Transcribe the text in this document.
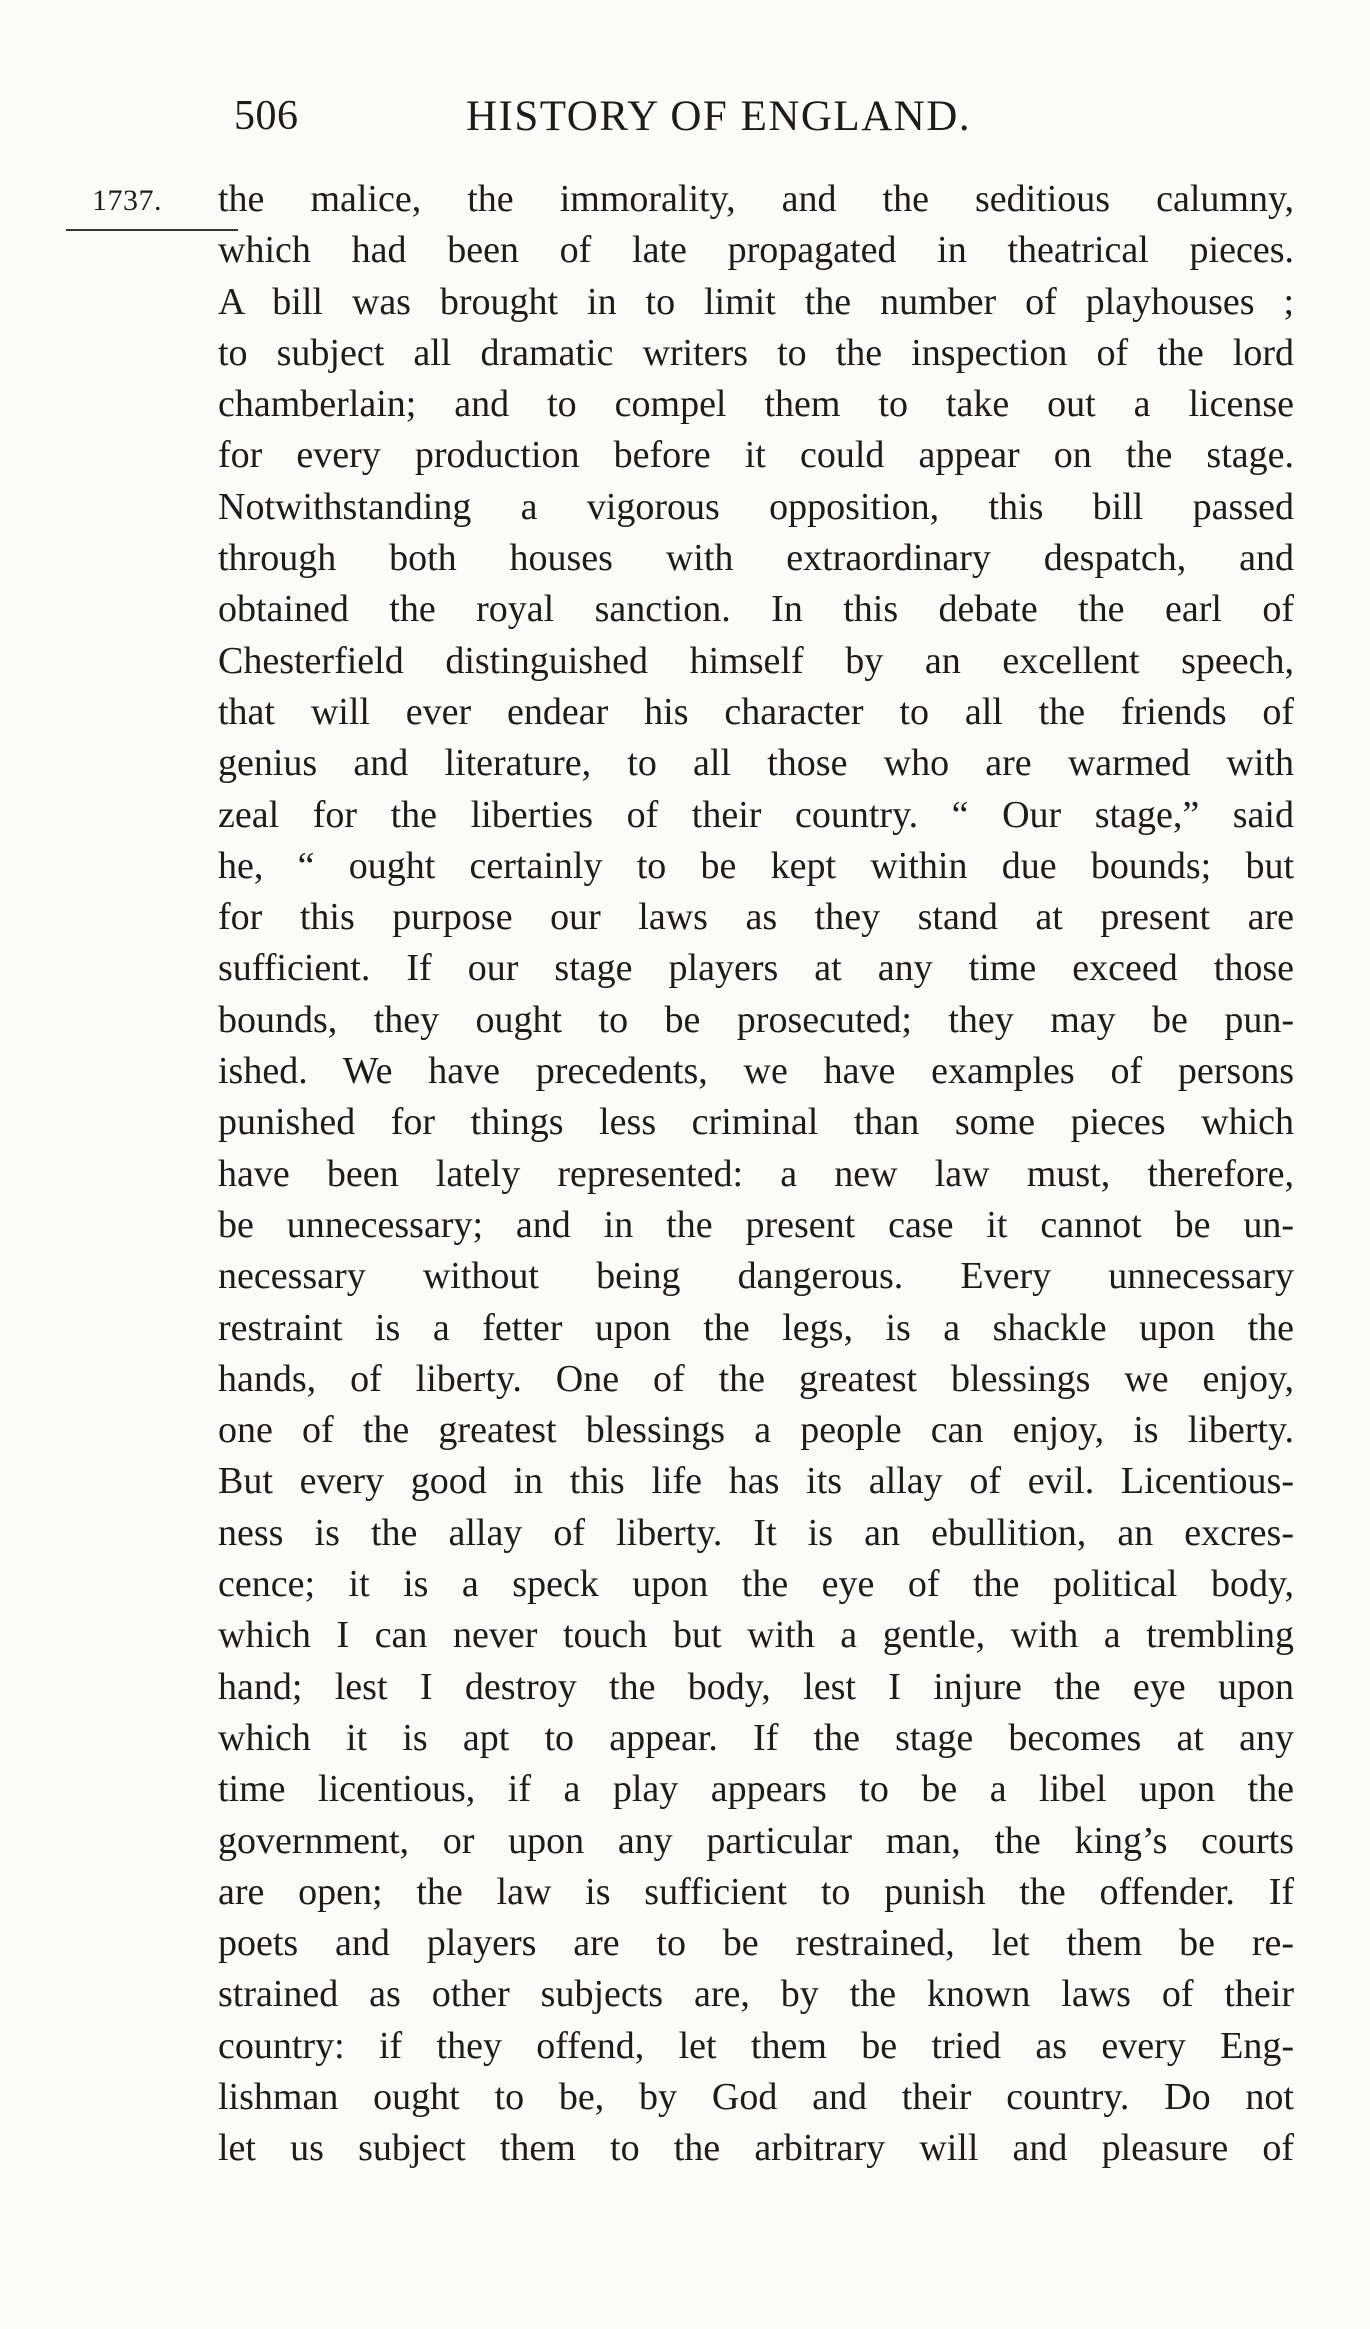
506	HISTORY OF ENGLAND.
1737. the malice, the immorality, and the seditious calumny,
which had been of late propagated in theatrical pieces.
A bill was brought in to limit the number of playhouses ;
to subject all dramatic writers to the inspection of the lord
chamberlain; and to compel them to take out a license
for every production before it could appear on the stage.
Notwithstanding a vigorous opposition, this bill passed
through both houses with extraordinary despatch, and
obtained the royal sanction. In this debate the earl of
Chesterfield distinguished himself by an excellent speech,
that will ever endear his character to all the friends of
genius and literature, to all those who are warmed with
zeal for the liberties of their country. “ Our stage,” said
he, “ ought certainly to be kept within due bounds; but
for this purpose our laws as they stand at present are
sufficient. If our stage players at any time exceed those
bounds, they ought to be prosecuted; they may be pun-
ished. We have precedents, we have examples of persons
punished for things less criminal than some pieces which
have been lately represented: a new law must, therefore,
be unnecessary; and in the present case it cannot be un-
necessary without being dangerous. Every unnecessary
restraint is a fetter upon the legs, is a shackle upon the
hands, of liberty. One of the greatest blessings we enjoy,
one of the greatest blessings a people can enjoy, is liberty.
But every good in this life has its allay of evil. Licentious-
ness is the allay of liberty. It is an ebullition, an excres-
cence; it is a speck upon the eye of the political body,
which I can never touch but with a gentle, with a trembling
hand; lest I destroy the body, lest I injure the eye upon
which it is apt to appear. If the stage becomes at any
time licentious, if a play appears to be a libel upon the
government, or upon any particular man, the king’s courts
are open; the law is sufficient to punish the offender. If
poets and players are to be restrained, let them be re-
strained as other subjects are, by the known laws of their
country: if they offend, let them be tried as every Eng-
lishman ought to be, by God and their country. Do not
let us subject them to the arbitrary will and pleasure of
